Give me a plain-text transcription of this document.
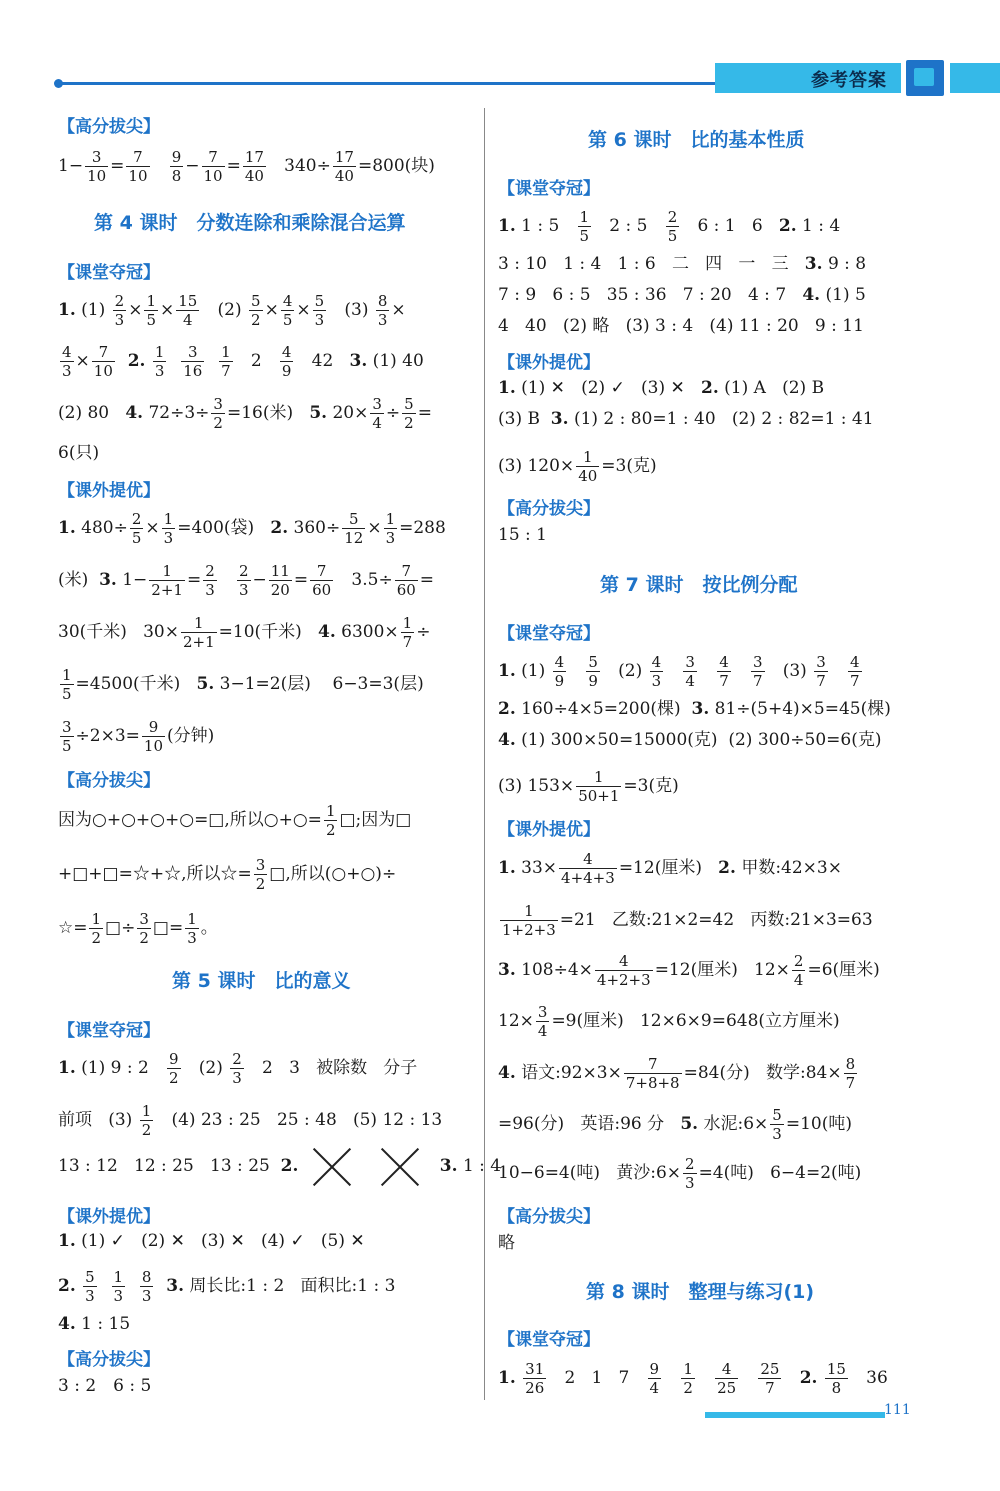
参考答案
【高分拔尖】
$1- \frac{3}{10} = \frac{7}{10}$
$\frac{9}{8} - \frac{7}{10} = \frac{17}{40} 340\div \frac{17}{40} =800$(块)
第 4 课时　分数连除和乘除混合运算
【课堂夺冠】
1. $(1) \frac{2}{3} \times \frac{1}{5} \times \frac{15}{4} (2) \frac{5}{2} \times \frac{4}{5} \times \frac{5}{3} (3) \frac{8}{3}$ ×
$\frac{4}{3} \times \frac{7}{10} 2$. $\frac{1}{3}$
$\frac{3}{16}$
$\frac{1}{7} 2 \frac{4}{9} 42$   3. (1) 40
(2) 80   4. $72\div 3\div \frac{3}{2} =16$(米)   5. $20\times \frac{3}{4} \div \frac{5}{2}$ =
6(只)
【课外提优】
1. $480\div \frac{2}{5} \times \frac{1}{3} =400$(袋)   2. $360\div \frac{5}{12} \times \frac{1}{3} =288$
(米)  3. $1- \frac{1}{2+1} = \frac{2}{3}$
$\frac{2}{3} - \frac{11}{20} = \frac{7}{60} 3.5\div \frac{7}{60}$ =
30(千米)   $30\times \frac{1}{2+1} =10$(千米)   4. $6300\times \frac{1}{7}$ ÷
$\frac{1}{5} =4500$(千米)   5. 3−1=2(层)    6−3=3(层)
$\frac{3}{5} \div 2\times 3= \frac{9}{10}$ (分钟)
【高分拔尖】
因为○+○+○+○=□,所以○+○= $\frac{1}{2}$ □;因为□
+□+□=☆+☆,所以☆= $\frac{3}{2}$ □,所以(○+○)÷
☆= $\frac{1}{2}$ □÷ $\frac{3}{2}$ □= $\frac{1}{3}$ 。
第 5 课时　比的意义
【课堂夺冠】
1. (1) 9 : $2 \frac{9}{2} (2) \frac{2}{3} 2$   3   被除数   分子
前项   $(3) \frac{1}{2} (4)$ 23 : 25   25 : 48   (5) 12 : 13
13 : 12   12 : 25   13 : 25  2.	3. 1 : 4
【课外提优】
1. (1) ✓   (2) ✕   (3) ✕   (4) ✓   (5) ✕
2. $\frac{5}{3}$
$\frac{1}{3}$
$\frac{8}{3} 3$. 周长比:1 : 2   面积比:1 : 3
4. 1 : 15
【高分拔尖】
3 : 2　6 : 5
第 6 课时　比的基本性质
【课堂夺冠】
1. 1 : $5 \frac{1}{5} 2$ : $5 \frac{2}{5} 6$ : 1   6   2. 1 : 4
3 : 10   1 : 4   1 : 6   二   四   一   三   3. 9 : 8
7 : 9   6 : 5   35 : 36   7 : 20   4 : 7   4. (1) 5
4   40   (2) 略   (3) 3 : 4   (4) 11 : 20   9 : 11
【课外提优】
1. (1) ✕   (2) ✓   (3) ✕   2. (1) A   (2) B
(3) B  3. (1) 2 : 80=1 : 40   (2) 2 : 82=1 : 41
(3) $120\times \frac{1}{40} =3$(克)
【高分拔尖】
15 : 1
第 7 课时　按比例分配
【课堂夺冠】
1. $(1) \frac{4}{9}$
$\frac{5}{9} (2) \frac{4}{3}$
$\frac{3}{4}$
$\frac{4}{7}$
$\frac{3}{7} (3) \frac{3}{7}$
$\frac{4}{7}$
2. 160÷4×5=200(棵)  3. 81÷(5+4)×5=45(棵)
4. (1) 300×50=15000(克)  (2) 300÷50=6(克)
(3) $153\times \frac{1}{50+1} =3$(克)
【课外提优】
1. $33\times \frac{4}{4+4+3} =12$(厘米)   2. 甲数:42×3×
$\frac{1}{1+2+3} =21$   乙数:21×2=42   丙数:21×3=63
3. $108\div 4\times \frac{4}{4+2+3} =12$(厘米)   $12\times \frac{2}{4} =6$(厘米)
$12\times \frac{3}{4} =9$(厘米)   12×6×9=648(立方厘米)
4. 语文:92×3× $\frac{7}{7+8+8} =84$(分)   数学:84× $\frac{8}{7}$
=96(分)   英语:96 分   5. 水泥:6× $\frac{5}{3} =10$(吨)
10−6=4(吨)   黄沙:6× $\frac{2}{3} =4$(吨)   6−4=2(吨)
【高分拔尖】
略
第 8 课时　整理与练习(1)
【课堂夺冠】
1. $\frac{31}{26} 2$   1   $7 \frac{9}{4}$
$\frac{1}{2}$
$\frac{4}{25}$
$\frac{25}{7} 2$. $\frac{15}{8} 36$
111
